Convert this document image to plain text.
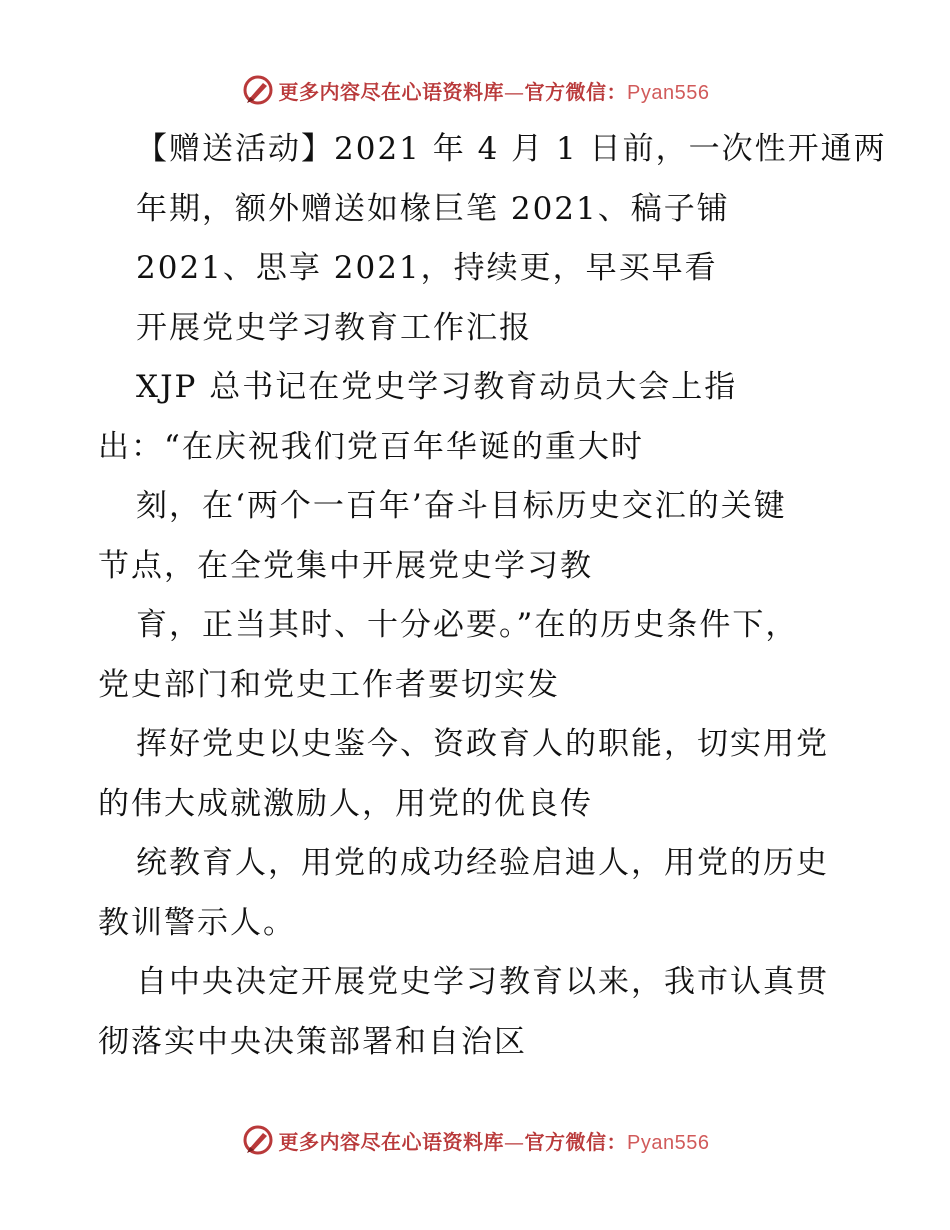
更多内容尽在心语资料库—官方微信：Pyan556
【赠送活动】2021 年 4 月 1 日前，一次性开通两
年期，额外赠送如椽巨笔 2021、稿子铺
2021、思享 2021，持续更，早买早看
开展党史学习教育工作汇报
XJP 总书记在党史学习教育动员大会上指
出：“在庆祝我们党百年华诞的重大时
刻，在‘两个一百年’奋斗目标历史交汇的关键
节点，在全党集中开展党史学习教
育，正当其时、十分必要。”在的历史条件下，
党史部门和党史工作者要切实发
挥好党史以史鉴今、资政育人的职能，切实用党
的伟大成就激励人，用党的优良传
统教育人，用党的成功经验启迪人，用党的历史
教训警示人。
自中央决定开展党史学习教育以来，我市认真贯
彻落实中央决策部署和自治区
更多内容尽在心语资料库—官方微信：Pyan556
